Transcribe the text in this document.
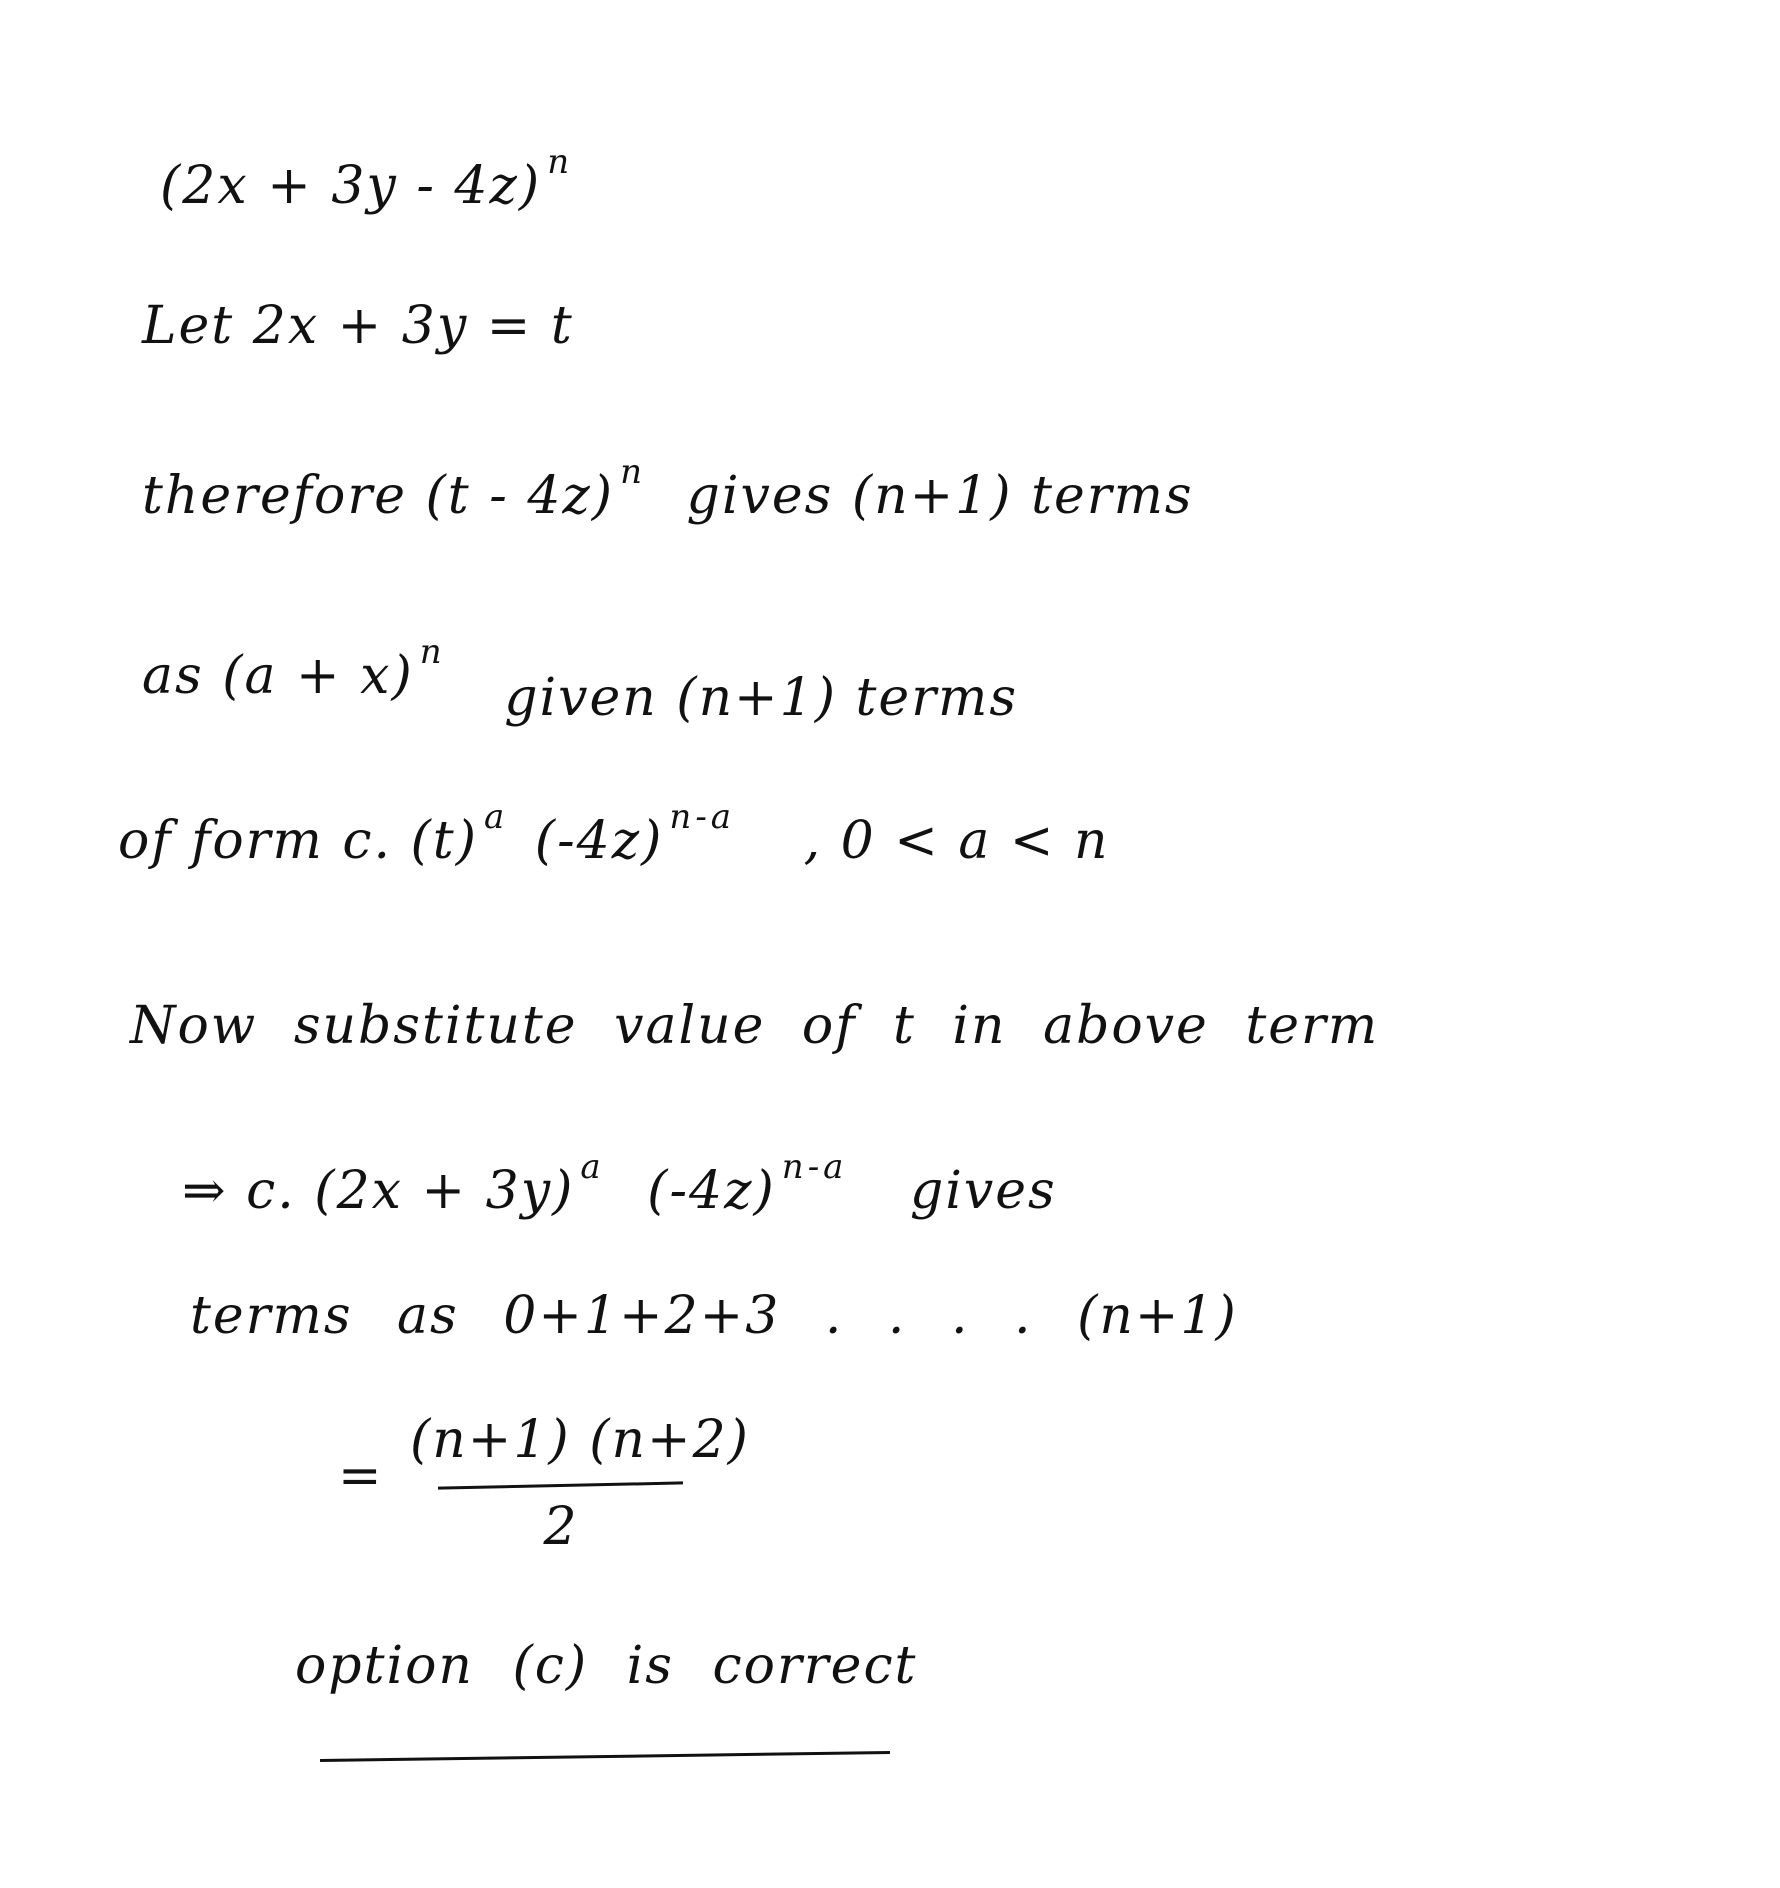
(2x + 3y - 4z) $^n$
Let 2x + 3y = t
therefore (t - 4z) $^n$ gives (n+1) terms
as (a + x) $^n$ given (n+1) terms
of form c. (t) $^a$ (-4z) $^{n-a}$ , 0 < a < n
Now substitute value of t in above term
⇒ c. (2x + 3y) $^a$ (-4z) $^{n-a}$ gives
terms as 0+1+2+3 . . . . (n+1)
=
(n+1) (n+2)
2
option (c) is correct
